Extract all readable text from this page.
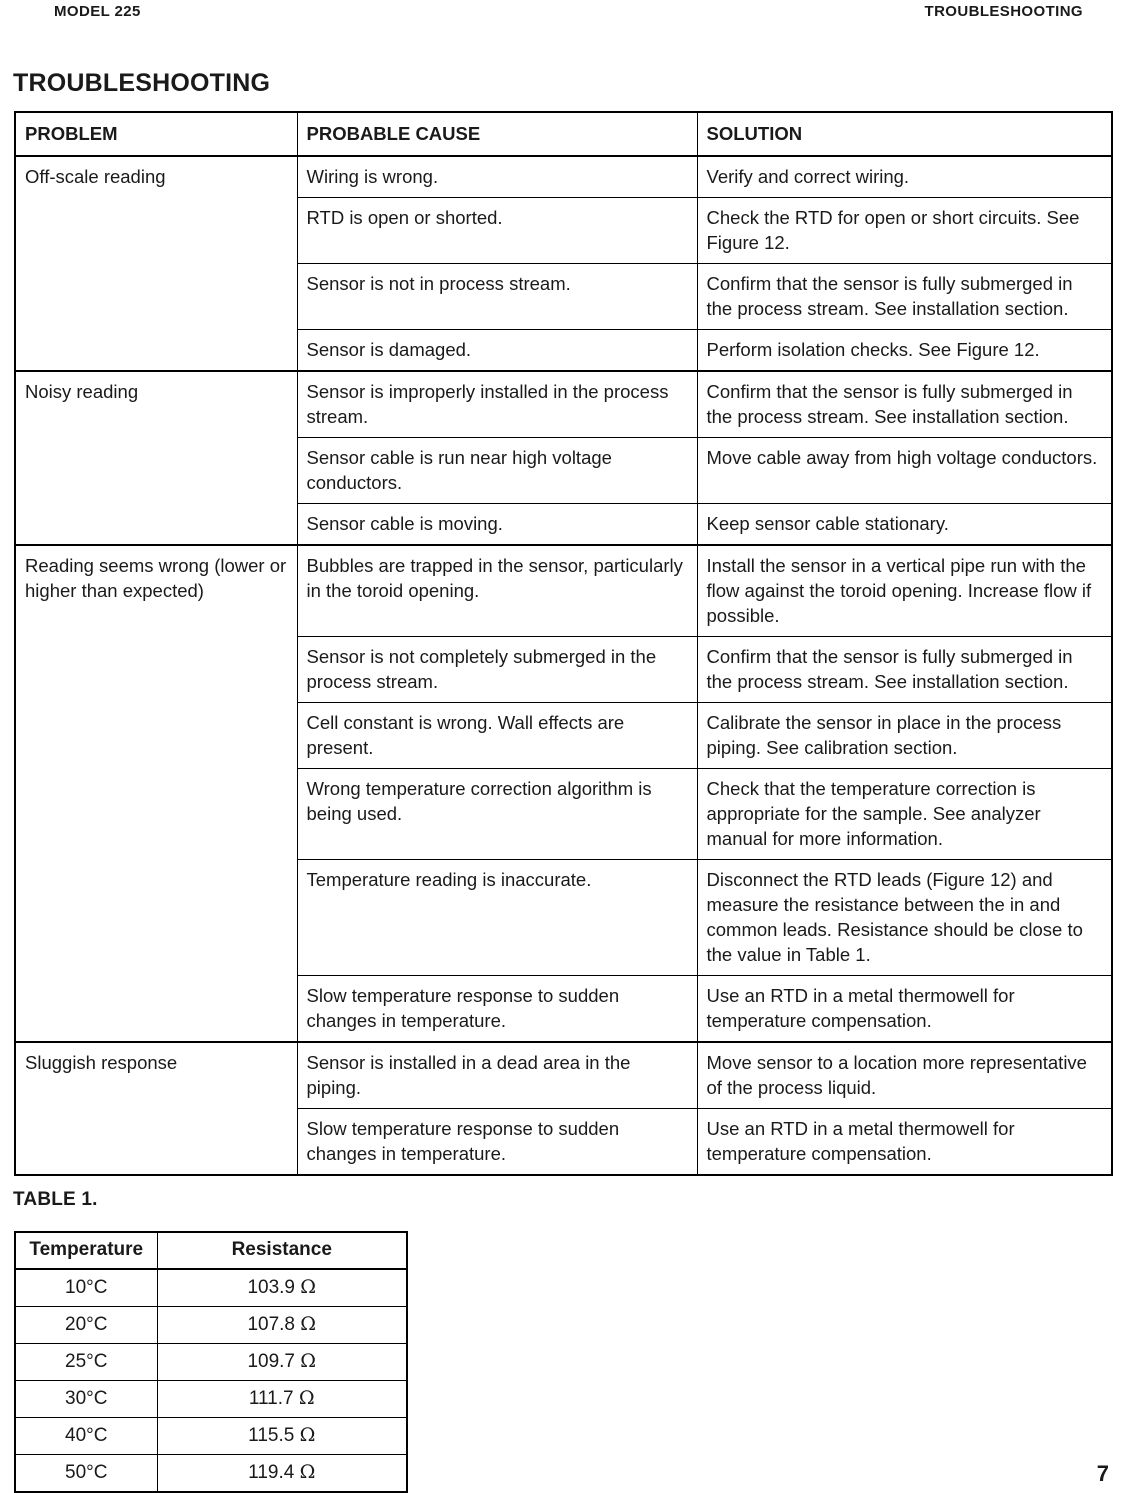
MODEL 225	TROUBLESHOOTING
TROUBLESHOOTING
PROBLEM	PROBABLE CAUSE	SOLUTION
Off-scale reading	Wiring is wrong.	Verify and correct wiring.
	RTD is open or shorted.	Check the RTD for open or short circuits. See Figure 12.
	Sensor is not in process stream.	Confirm that the sensor is fully submerged in the process stream. See installation section.
	Sensor is damaged.	Perform isolation checks. See Figure 12.
Noisy reading	Sensor is improperly installed in the process stream.	Confirm that the sensor is fully submerged in the process stream. See installation section.
	Sensor cable is run near high voltage conductors.	Move cable away from high voltage conductors.
	Sensor cable is moving.	Keep sensor cable stationary.
Reading seems wrong (lower or higher than expected)	Bubbles are trapped in the sensor, particularly in the toroid opening.	Install the sensor in a vertical pipe run with the flow against the toroid opening. Increase flow if possible.
	Sensor is not completely submerged in the process stream.	Confirm that the sensor is fully submerged in the process stream. See installation section.
	Cell constant is wrong. Wall effects are present.	Calibrate the sensor in place in the process piping. See calibration section.
	Wrong temperature correction algorithm is being used.	Check that the temperature correction is appropriate for the sample. See analyzer manual for more information.
	Temperature reading is inaccurate.	Disconnect the RTD leads (Figure 12) and measure the resistance between the in and common leads. Resistance should be close to the value in Table 1.
	Slow temperature response to sudden changes in temperature.	Use an RTD in a metal thermowell for temperature compensation.
Sluggish response	Sensor is installed in a dead area in the piping.	Move sensor to a location more representative of the process liquid.
	Slow temperature response to sudden changes in temperature.	Use an RTD in a metal thermowell for temperature compensation.
TABLE 1.
Temperature	Resistance
10°C	103.9 Ω
20°C	107.8 Ω
25°C	109.7 Ω
30°C	111.7 Ω
40°C	115.5 Ω
50°C	119.4 Ω	7
